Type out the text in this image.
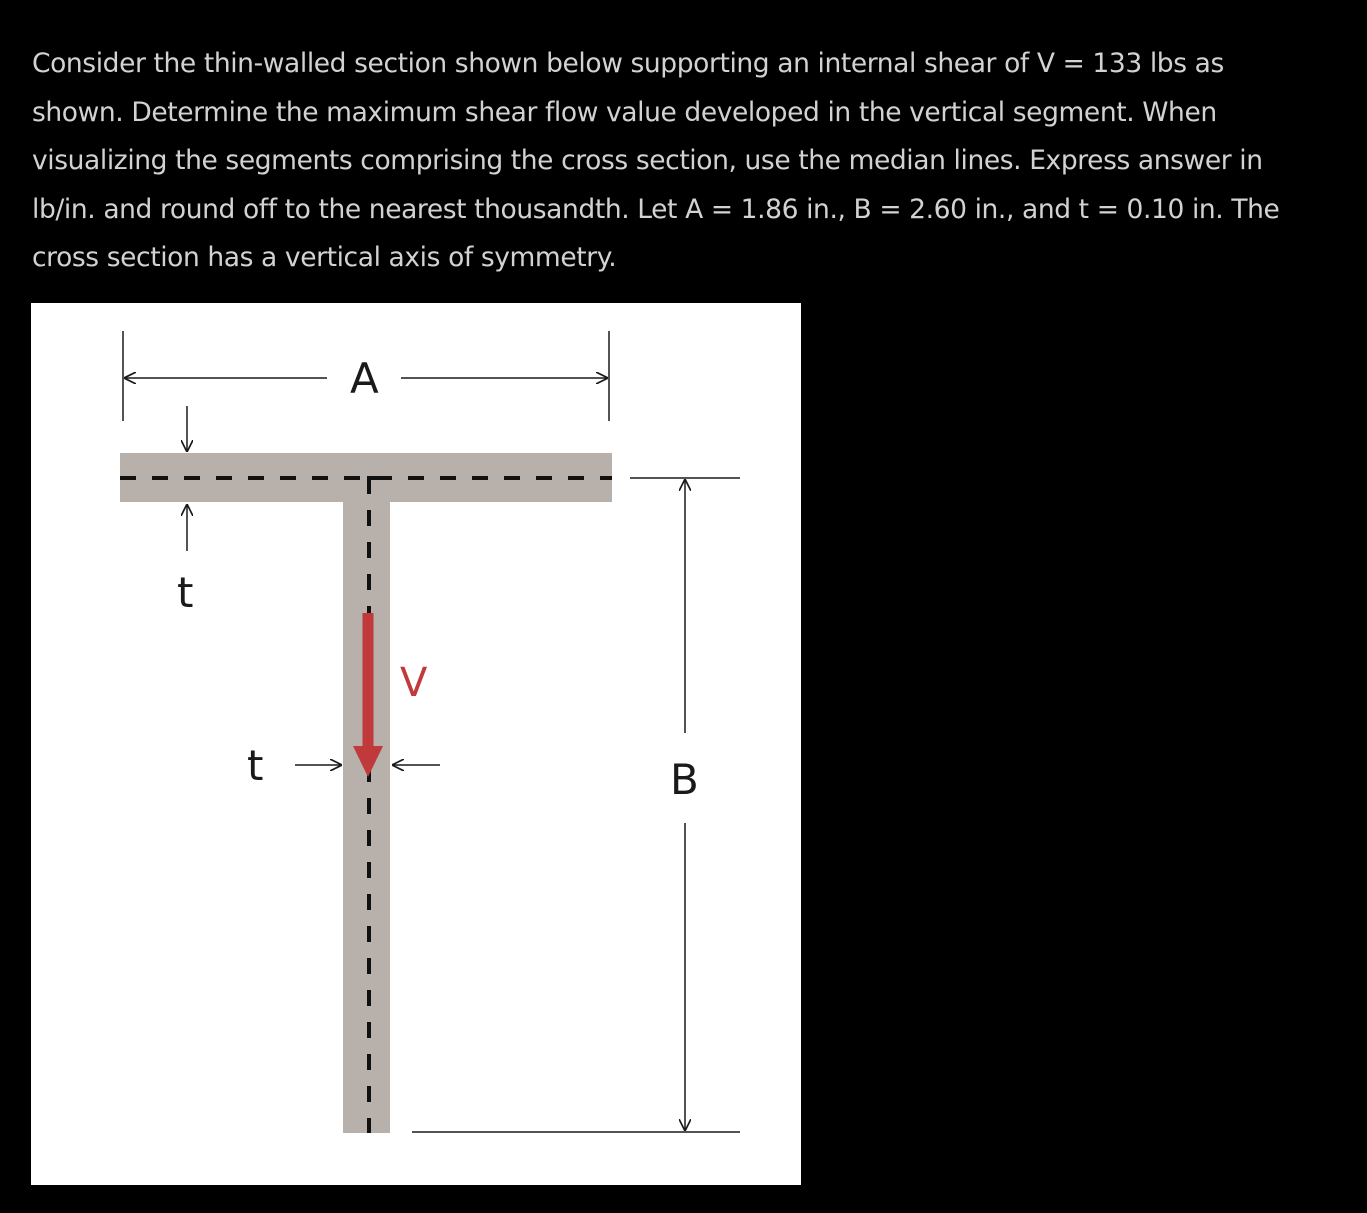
Consider the thin-walled section shown below supporting an internal shear of V = 133 lbs as
shown. Determine the maximum shear flow value developed in the vertical segment. When
visualizing the segments comprising the cross section, use the median lines. Express answer in
lb/in. and round off to the nearest thousandth. Let A = 1.86 in., B = 2.60 in., and t = 0.10 in. The
cross section has a vertical axis of symmetry.
V
A
t
t	B
